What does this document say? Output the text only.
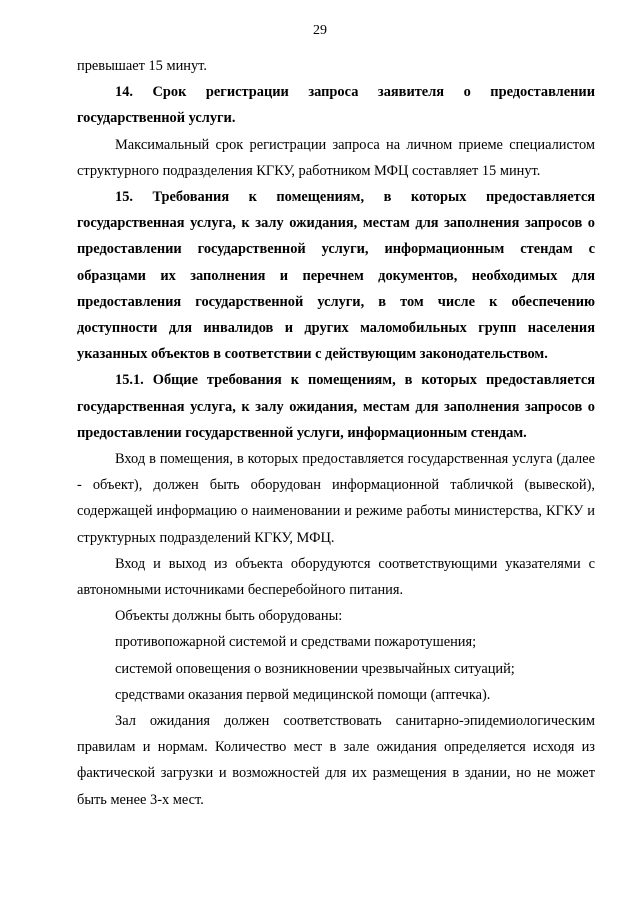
29

превышает 15 минут.

14. Срок регистрации запроса заявителя о предоставлении государственной услуги.

Максимальный срок регистрации запроса на личном приеме специалистом структурного подразделения КГКУ, работником МФЦ составляет 15 минут.

15. Требования к помещениям, в которых предоставляется государственная услуга, к залу ожидания, местам для заполнения запросов о предоставлении государственной услуги, информационным стендам с образцами их заполнения и перечнем документов, необходимых для предоставления государственной услуги, в том числе к обеспечению доступности для инвалидов и других маломобильных групп населения указанных объектов в соответствии с действующим законодательством.

15.1. Общие требования к помещениям, в которых предоставляется государственная услуга, к залу ожидания, местам для заполнения запросов о предоставлении государственной услуги, информационным стендам.

Вход в помещения, в которых предоставляется государственная услуга (далее - объект), должен быть оборудован информационной табличкой (вывеской), содержащей информацию о наименовании и режиме работы министерства, КГКУ и структурных подразделений КГКУ, МФЦ.

Вход и выход из объекта оборудуются соответствующими указателями с автономными источниками бесперебойного питания.

Объекты должны быть оборудованы:

противопожарной системой и средствами пожаротушения;

системой оповещения о возникновении чрезвычайных ситуаций;

средствами оказания первой медицинской помощи (аптечка).

Зал ожидания должен соответствовать санитарно-эпидемиологическим правилам и нормам. Количество мест в зале ожидания определяется исходя из фактической загрузки и возможностей для их размещения в здании, но не может быть менее 3-х мест.
